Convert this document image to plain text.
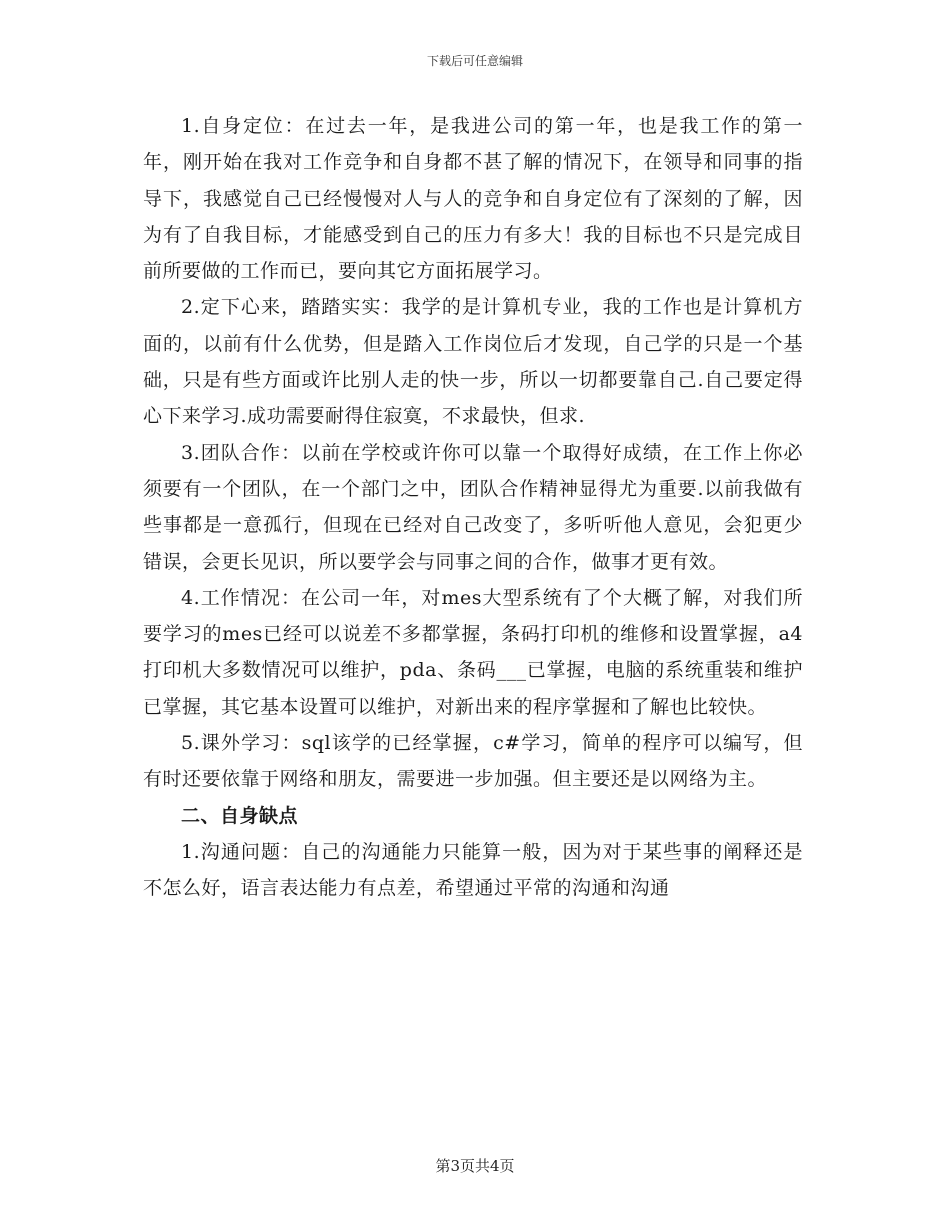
下载后可任意编辑

1.自身定位：在过去一年，是我进公司的第一年，也是我工作的第一年，刚开始在我对工作竞争和自身都不甚了解的情况下，在领导和同事的指导下，我感觉自己已经慢慢对人与人的竞争和自身定位有了深刻的了解，因为有了自我目标，才能感受到自己的压力有多大！我的目标也不只是完成目前所要做的工作而已，要向其它方面拓展学习。

2.定下心来，踏踏实实：我学的是计算机专业，我的工作也是计算机方面的，以前有什么优势，但是踏入工作岗位后才发现，自己学的只是一个基础，只是有些方面或许比别人走的快一步，所以一切都要靠自己.自己要定得心下来学习.成功需要耐得住寂寞，不求最快，但求.

3.团队合作：以前在学校或许你可以靠一个取得好成绩，在工作上你必须要有一个团队，在一个部门之中，团队合作精神显得尤为重要.以前我做有些事都是一意孤行，但现在已经对自己改变了，多听听他人意见，会犯更少错误，会更长见识，所以要学会与同事之间的合作，做事才更有效。

4.工作情况：在公司一年，对mes大型系统有了个大概了解，对我们所要学习的mes已经可以说差不多都掌握，条码打印机的维修和设置掌握，a4打印机大多数情况可以维护，pda、条码___已掌握，电脑的系统重装和维护已掌握，其它基本设置可以维护，对新出来的程序掌握和了解也比较快。

5.课外学习：sql该学的已经掌握，c#学习，简单的程序可以编写，但有时还要依靠于网络和朋友，需要进一步加强。但主要还是以网络为主。

二、自身缺点

1.沟通问题：自己的沟通能力只能算一般，因为对于某些事的阐释还是不怎么好，语言表达能力有点差，希望通过平常的沟通和沟通

第3页共4页
